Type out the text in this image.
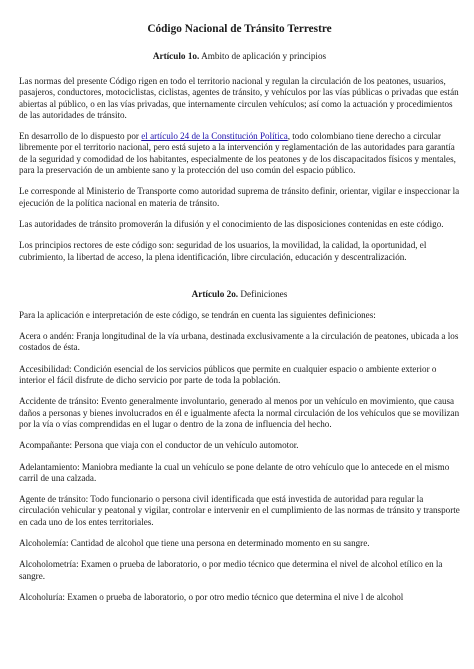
Código Nacional de Tránsito Terrestre
Artículo 1o. Ambito de aplicación y principios

Las normas del presente Código rigen en todo el territorio nacional y regulan la circulación de los peatones, usuarios, pasajeros, conductores, motociclistas, ciclistas, agentes de tránsito, y vehículos por las vías públicas o privadas que están abiertas al público, o en las vías privadas, que internamente circulen vehículos; así como la actuación y procedimientos de las autoridades de tránsito.

En desarrollo de lo dispuesto por el artículo 24 de la Constitución Política, todo colombiano tiene derecho a circular libremente por el territorio nacional, pero está sujeto a la intervención y reglamentación de las autoridades para garantía de la seguridad y comodidad de los habitantes, especialmente de los peatones y de los discapacitados físicos y mentales, para la preservación de un ambiente sano y la protección del uso común del espacio público.

Le corresponde al Ministerio de Transporte como autoridad suprema de tránsito definir, orientar, vigilar e inspeccionar la ejecución de la política nacional en materia de tránsito.

Las autoridades de tránsito promoverán la difusión y el conocimiento de las disposiciones contenidas en este código.

Los principios rectores de este código son: seguridad de los usuarios, la movilidad, la calidad, la oportunidad, el cubrimiento, la libertad de acceso, la plena identificación, libre circulación, educación y descentralización.

Artículo 2o. Definiciones

Para la aplicación e interpretación de este código, se tendrán en cuenta las siguientes definiciones:

Acera o andén: Franja longitudinal de la vía urbana, destinada exclusivamente a la circulación de peatones, ubicada a los costados de ésta.

Accesibilidad: Condición esencial de los servicios públicos que permite en cualquier espacio o ambiente exterior o interior el fácil disfrute de dicho servicio por parte de toda la población.

Accidente de tránsito: Evento generalmente involuntario, generado al menos por un vehículo en movimiento, que causa daños a personas y bienes involucrados en él e igualmente afecta la normal circulación de los vehículos que se movilizan por la vía o vías comprendidas en el lugar o dentro de la zona de influencia del hecho.

Acompañante: Persona que viaja con el conductor de un vehículo automotor.

Adelantamiento: Maniobra mediante la cual un vehículo se pone delante de otro vehículo que lo antecede en el mismo carril de una calzada.

Agente de tránsito: Todo funcionario o persona civil identificada que está investida de autoridad para regular la circulación vehicular y peatonal y vigilar, controlar e intervenir en el cumplimiento de las normas de tránsito y transporte en cada uno de los entes territoriales.

Alcoholemía: Cantidad de alcohol que tiene una persona en determinado momento en su sangre.

Alcoholometría: Examen o prueba de laboratorio, o por medio técnico que determina el nivel de alcohol etílico en la sangre.

Alcoholuría: Examen o prueba de laboratorio, o por otro medio técnico que determina el nive l de alcohol
